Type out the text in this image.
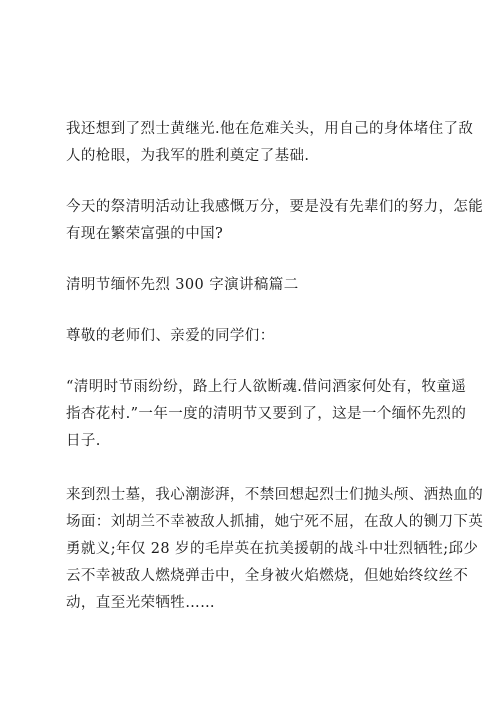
我还想到了烈士黄继光.他在危难关头，用自己的身体堵住了敌
人的枪眼，为我军的胜利奠定了基础.

今天的祭清明活动让我感慨万分，要是没有先辈们的努力，怎能
有现在繁荣富强的中国?

清明节缅怀先烈 300 字演讲稿篇二

尊敬的老师们、亲爱的同学们：

“清明时节雨纷纷，路上行人欲断魂.借问酒家何处有，牧童遥
指杏花村.”一年一度的清明节又要到了，这是一个缅怀先烈的
日子.

来到烈士墓，我心潮澎湃，不禁回想起烈士们抛头颅、洒热血的
场面：刘胡兰不幸被敌人抓捕，她宁死不屈，在敌人的铡刀下英
勇就义;年仅 28 岁的毛岸英在抗美援朝的战斗中壮烈牺牲;邱少
云不幸被敌人燃烧弹击中，全身被火焰燃烧，但她始终纹丝不
动，直至光荣牺牲……
